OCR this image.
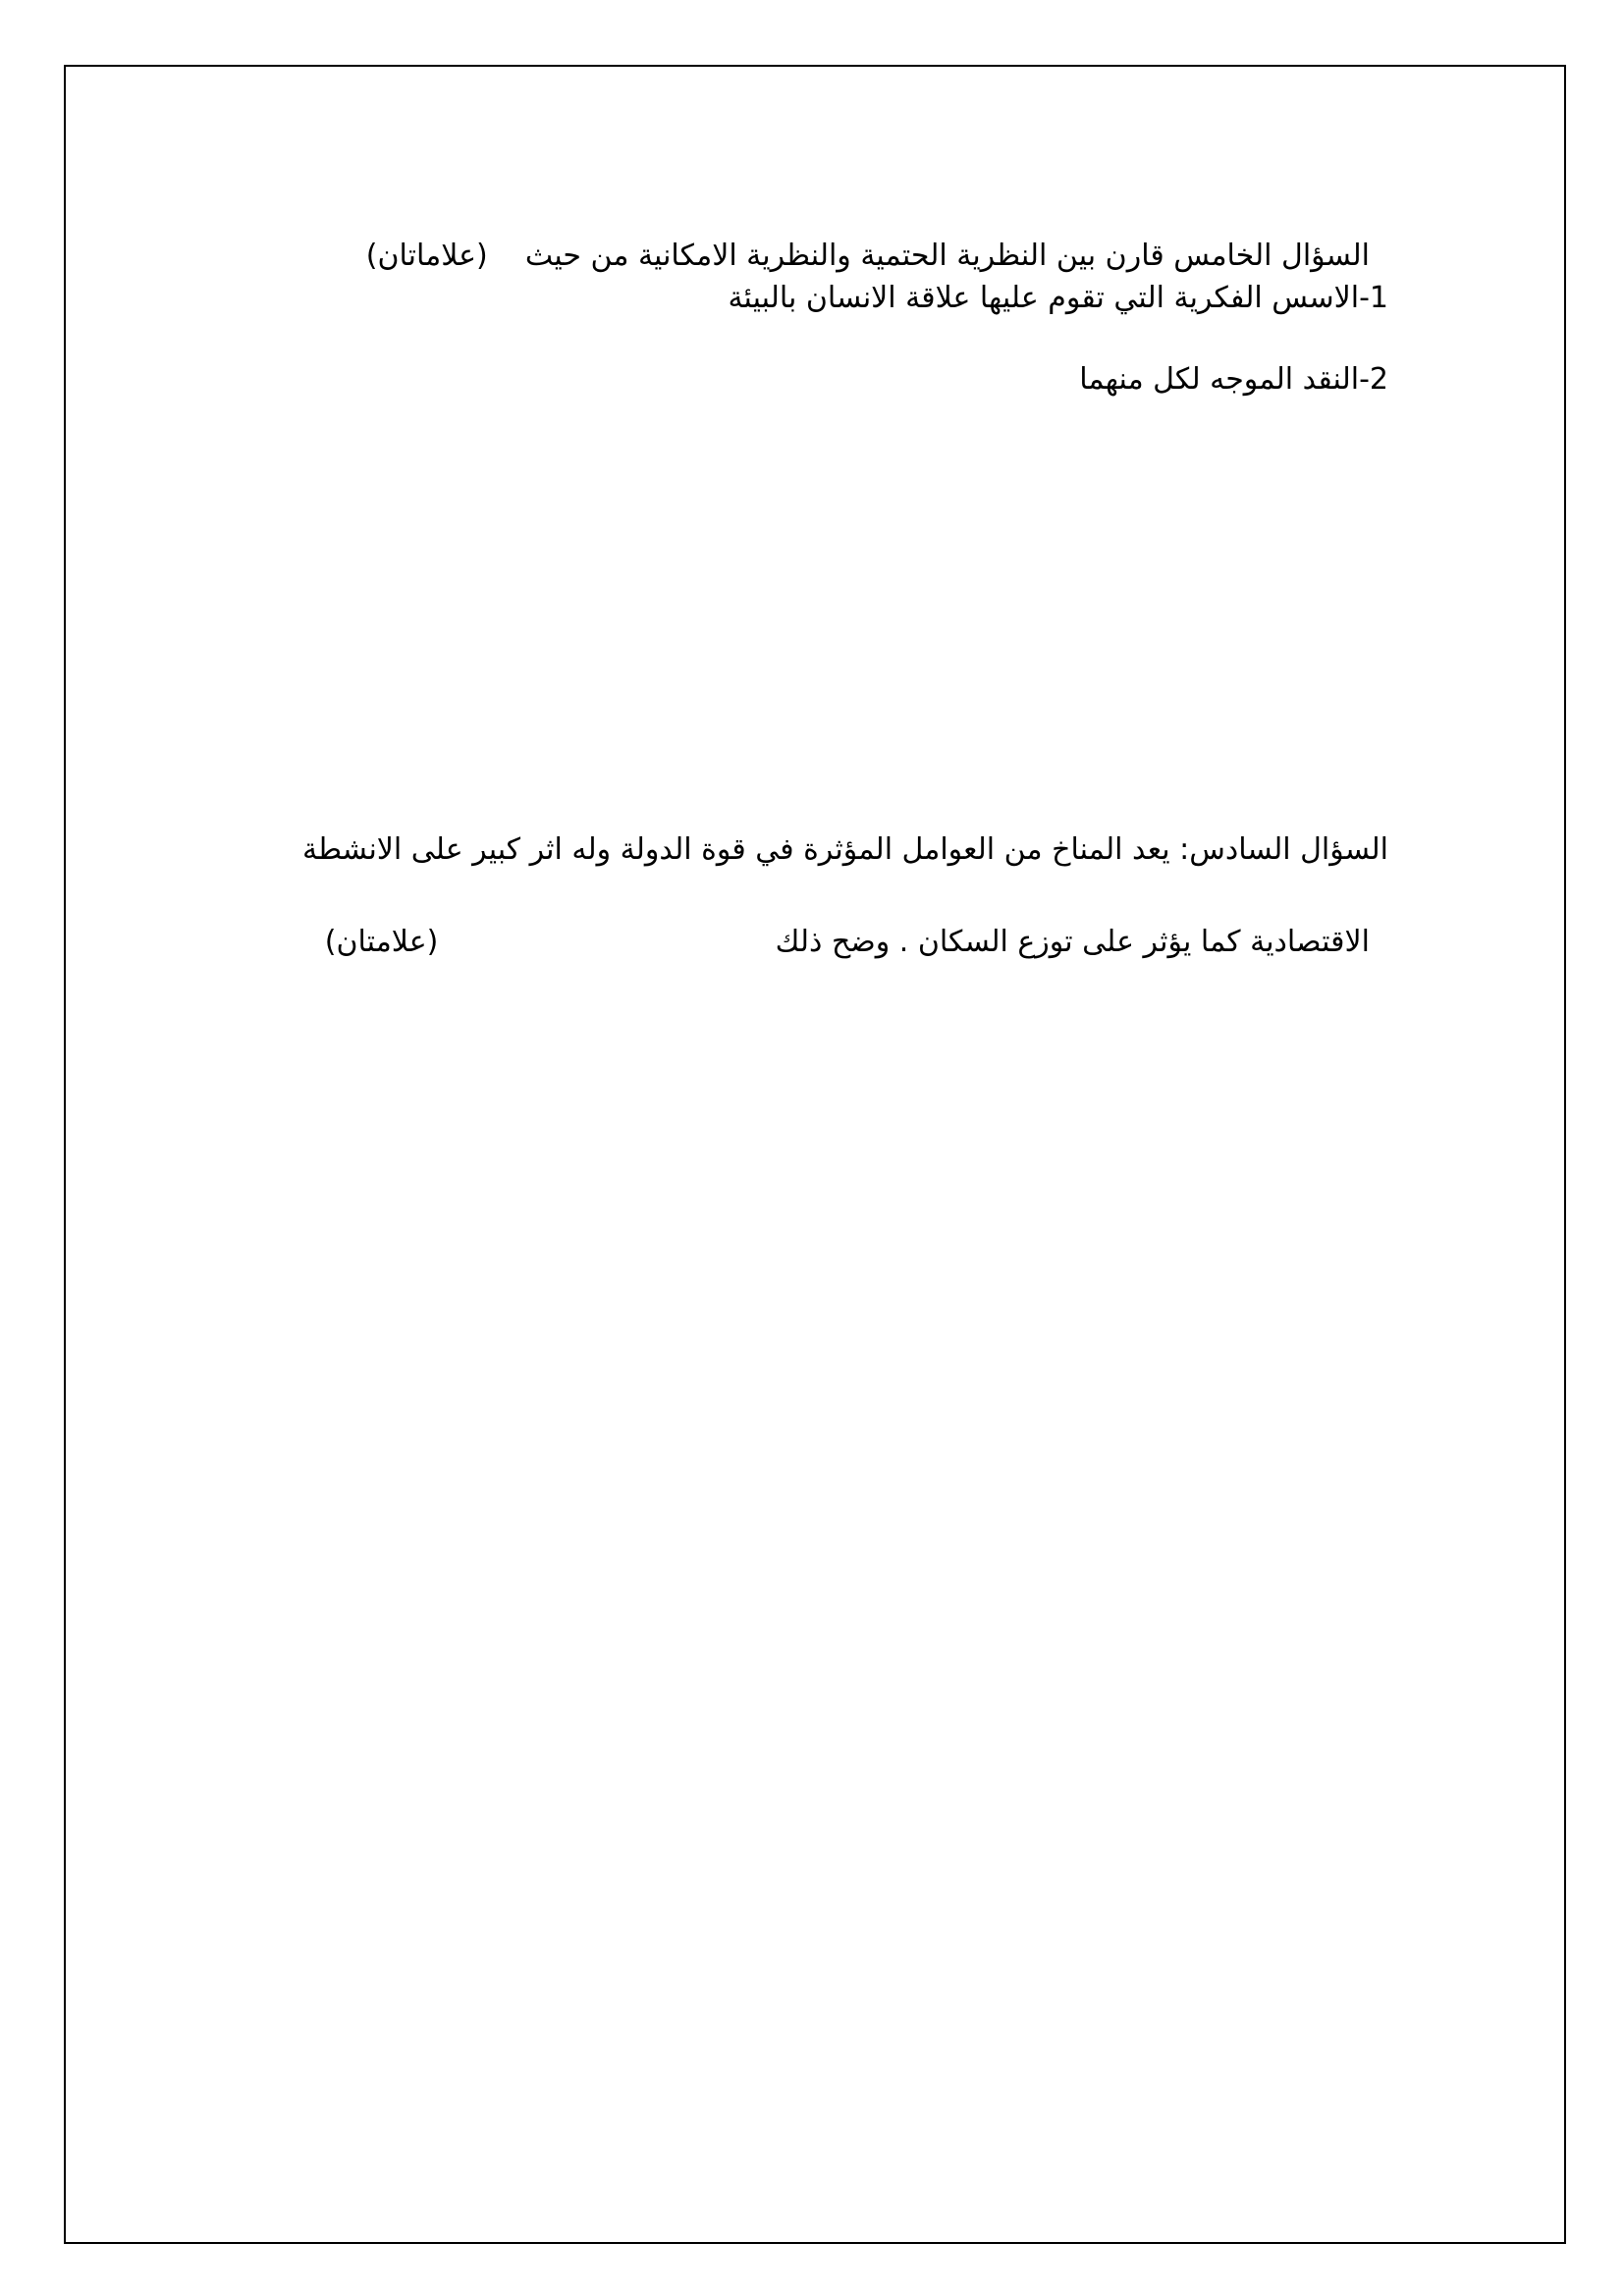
السؤال الخامس قارن بين النظرية الحتمية والنظرية الامكانية من حيث    (علاماتان)

1-الاسس الفكرية التي تقوم عليها علاقة الانسان بالبيئة
2-النقد الموجه لكل منهما
السؤال السادس: يعد المناخ من العوامل المؤثرة في قوة الدولة وله اثر كبير على الانشطة

الاقتصادية كما يؤثر على توزع السكان . وضح ذلك                                    (علامتان)
